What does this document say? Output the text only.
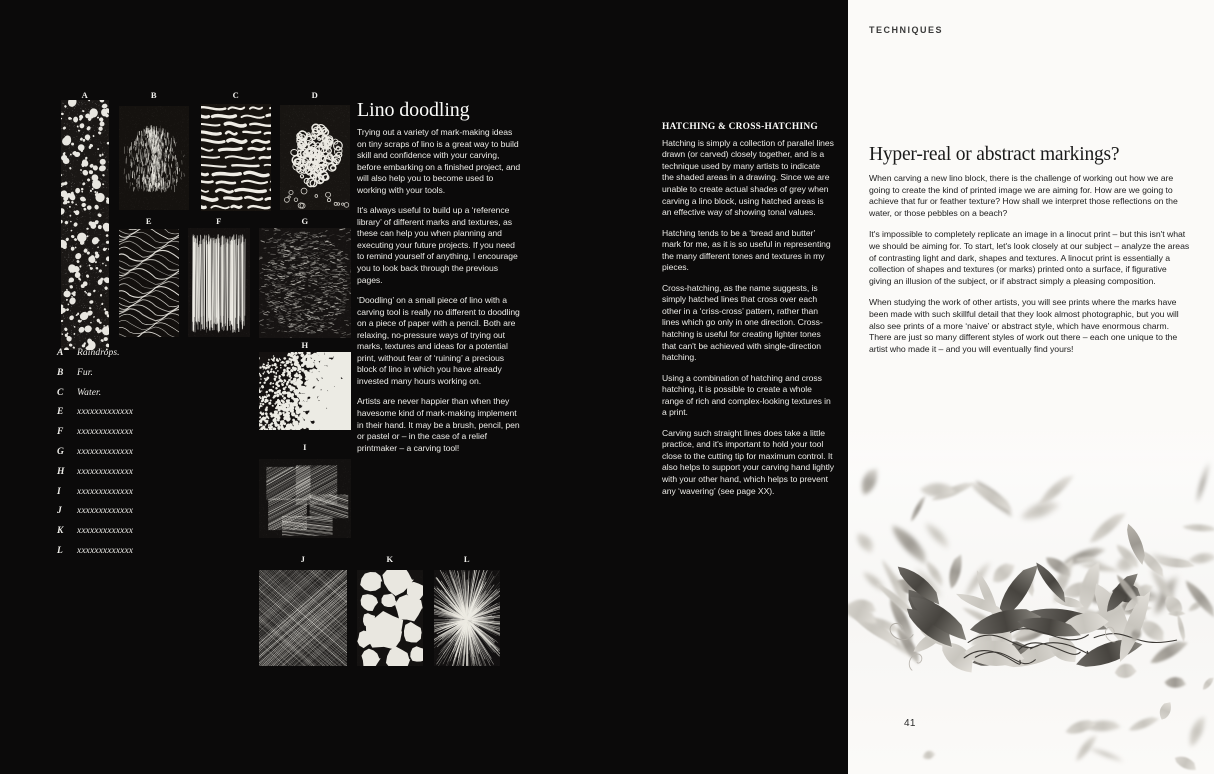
A	B	C	D
E	F	G
H
I
J	K	L
A	Raindrops.
B	Fur.
C	Water.
E	xxxxxxxxxxxxx
F	xxxxxxxxxxxxx
G	xxxxxxxxxxxxx
H	xxxxxxxxxxxxx
I	xxxxxxxxxxxxx
J	xxxxxxxxxxxxx
K	xxxxxxxxxxxxx
L	xxxxxxxxxxxxx
Lino doodling

Trying out a variety of mark-making ideas on tiny scraps of lino is a great way to build skill and confidence with your carving, before embarking on a finished project, and will also help you to become used to working with your tools.

It's always useful to build up a ‘reference library’ of different marks and textures, as these can help you when planning and executing your future projects. If you need to remind yourself of anything, I encourage you to look back through the previous pages.

‘Doodling’ on a small piece of lino with a carving tool is really no different to doodling on a piece of paper with a pencil. Both are relaxing, no-pressure ways of trying out marks, textures and ideas for a potential print, without fear of ‘ruining’ a precious block of lino in which you have already invested many hours working on.

Artists are never happier than when they havesome kind of mark-making implement in their hand. It may be a brush, pencil, pen or pastel or – in the case of a relief printmaker – a carving tool!

HATCHING & CROSS-HATCHING

Hatching is simply a collection of parallel lines drawn (or carved) closely together, and is a technique used by many artists to indicate the shaded areas in a drawing. Since we are unable to create actual shades of grey when carving a lino block, using hatched areas is an effective way of showing tonal values.

Hatching tends to be a ‘bread and butter’ mark for me, as it is so useful in representing the many different tones and textures in my pieces.

Cross-hatching, as the name suggests, is simply hatched lines that cross over each other in a ‘criss-cross’ pattern, rather than lines which go only in one direction. Cross-hatching is useful for creating lighter tones that can't be achieved with single-direction hatching.

Using a combination of hatching and cross hatching, it is possible to create a whole range of rich and complex-looking textures in a print.

Carving such straight lines does take a little practice, and it's important to hold your tool close to the cutting tip for maximum control. It also helps to support your carving hand lightly with your other hand, which helps to prevent any ‘wavering’ (see page XX).

TECHNIQUES
Hyper-real or abstract markings?

When carving a new lino block, there is the challenge of working out how we are going to create the kind of printed image we are aiming for. How are we going to achieve that fur or feather texture? How shall we interpret those reflections on the water, or those pebbles on a beach?

It's impossible to completely replicate an image in a linocut print – but this isn't what we should be aiming for. To start, let's look closely at our subject – analyze the areas of contrasting light and dark, shapes and textures. A linocut print is essentially a collection of shapes and textures (or marks) printed onto a surface, if figurative giving an illusion of the subject, or if abstract simply a pleasing composition.

When studying the work of other artists, you will see prints where the marks have been made with such skillful detail that they look almost photographic, but you will also see prints of a more ‘naive’ or abstract style, which have enormous charm. There are just so many different styles of work out there – each one unique to the artist who made it – and you will eventually find yours!

41
